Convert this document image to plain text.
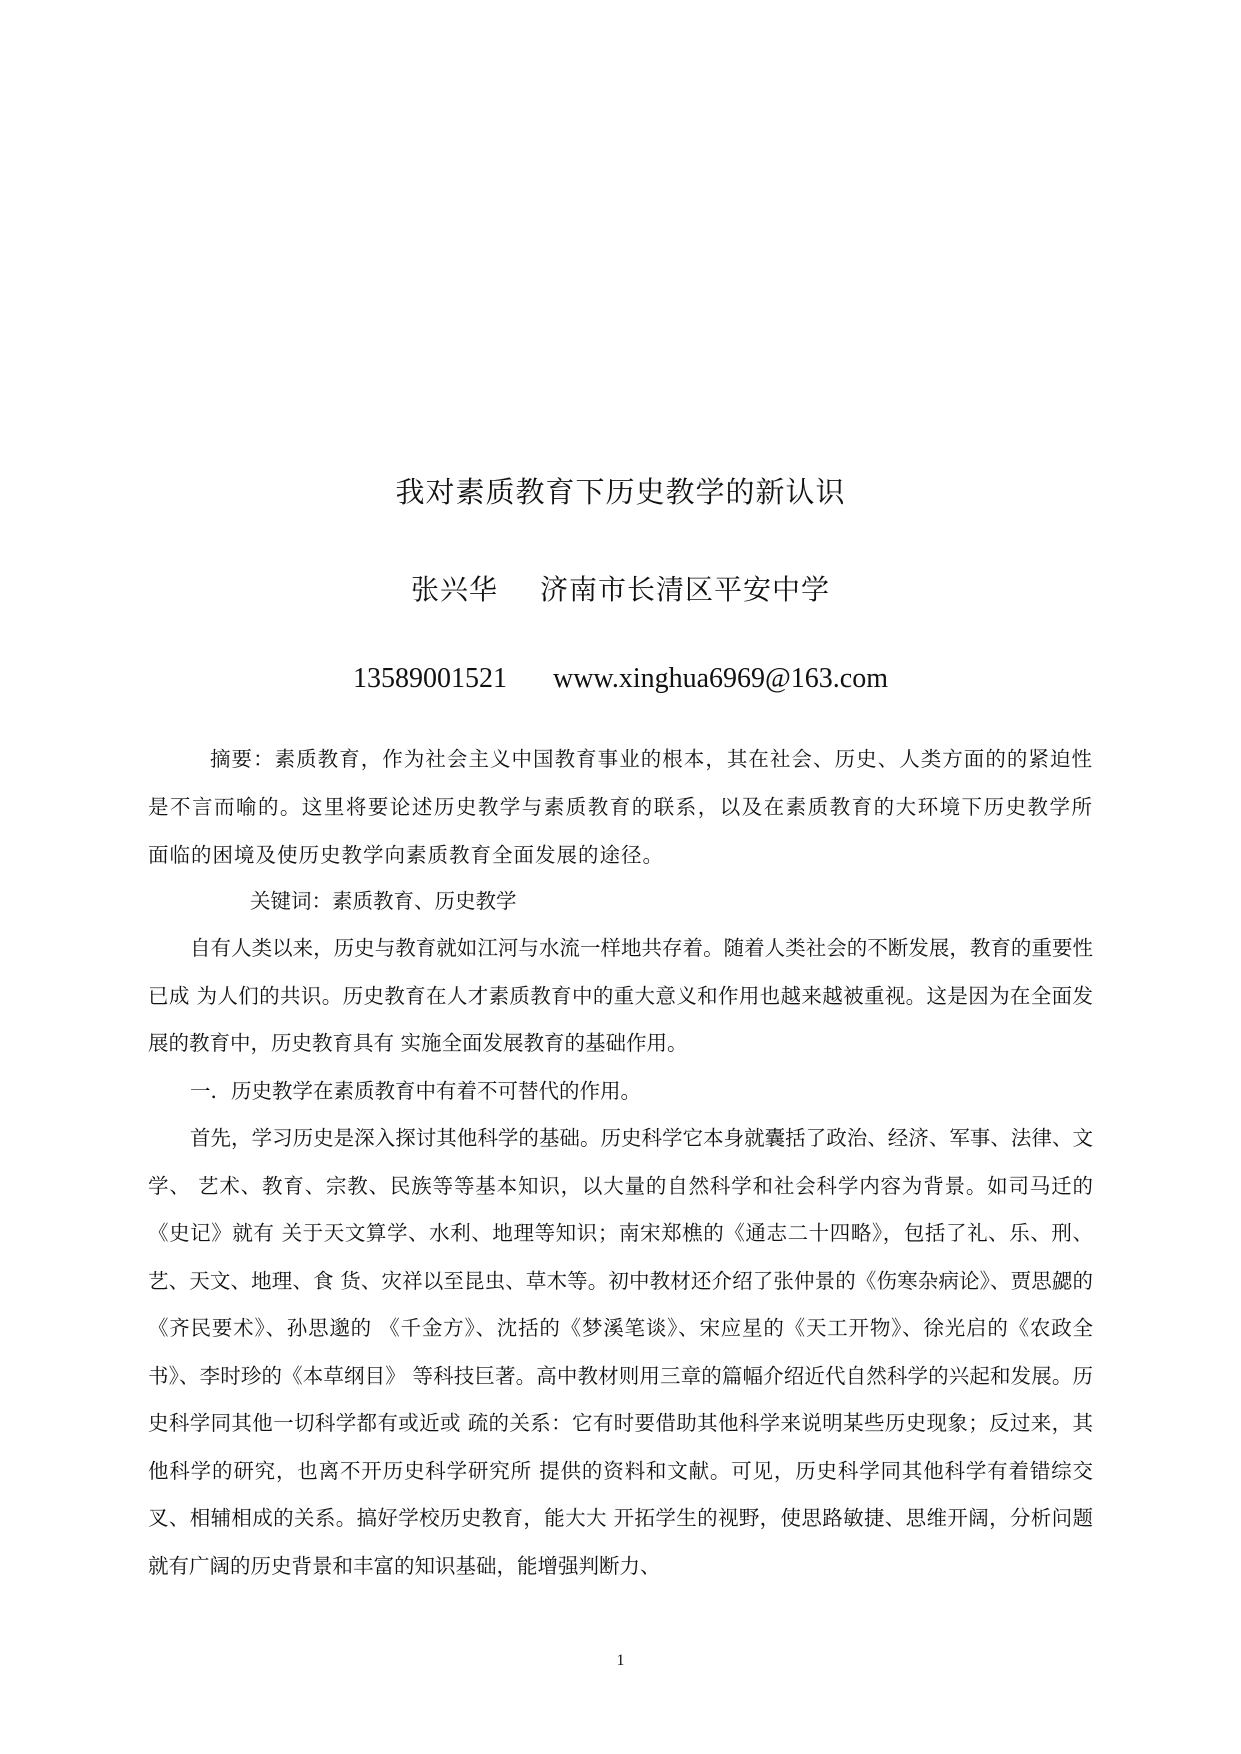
我对素质教育下历史教学的新认识
张兴华 济南市长清区平安中学
13589001521 www.xinghua6969@163.com
摘要：素质教育，作为社会主义中国教育事业的根本，其在社会、历史、人类方面的的紧迫性是不言而喻的。这里将要论述历史教学与素质教育的联系，以及在素质教育的大环境下历史教学所面临的困境及使历史教学向素质教育全面发展的途径。
关键词：素质教育、历史教学

自有人类以来，历史与教育就如江河与水流一样地共存着。随着人类社会的不断发展，教育的重要性已成 为人们的共识。历史教育在人才素质教育中的重大意义和作用也越来越被重视。这是因为在全面发展的教育中，历史教育具有 实施全面发展教育的基础作用。

一．历史教学在素质教育中有着不可替代的作用。

首先，学习历史是深入探讨其他科学的基础。历史科学它本身就囊括了政治、经济、军事、法律、文学、 艺术、教育、宗教、民族等等基本知识，以大量的自然科学和社会科学内容为背景。如司马迁的《史记》就有 关于天文算学、水利、地理等知识；南宋郑樵的《通志二十四略》，包括了礼、乐、刑、艺、天文、地理、食 货、灾祥以至昆虫、草木等。初中教材还介绍了张仲景的《伤寒杂病论》、贾思勰的《齐民要术》、孙思邈的 《千金方》、沈括的《梦溪笔谈》、宋应星的《天工开物》、徐光启的《农政全书》、李时珍的《本草纲目》 等科技巨著。高中教材则用三章的篇幅介绍近代自然科学的兴起和发展。历史科学同其他一切科学都有或近或 疏的关系：它有时要借助其他科学来说明某些历史现象；反过来，其他科学的研究，也离不开历史科学研究所 提供的资料和文献。可见，历史科学同其他科学有着错综交叉、相辅相成的关系。搞好学校历史教育，能大大 开拓学生的视野，使思路敏捷、思维开阔，分析问题就有广阔的历史背景和丰富的知识基础，能增强判断力、

1
